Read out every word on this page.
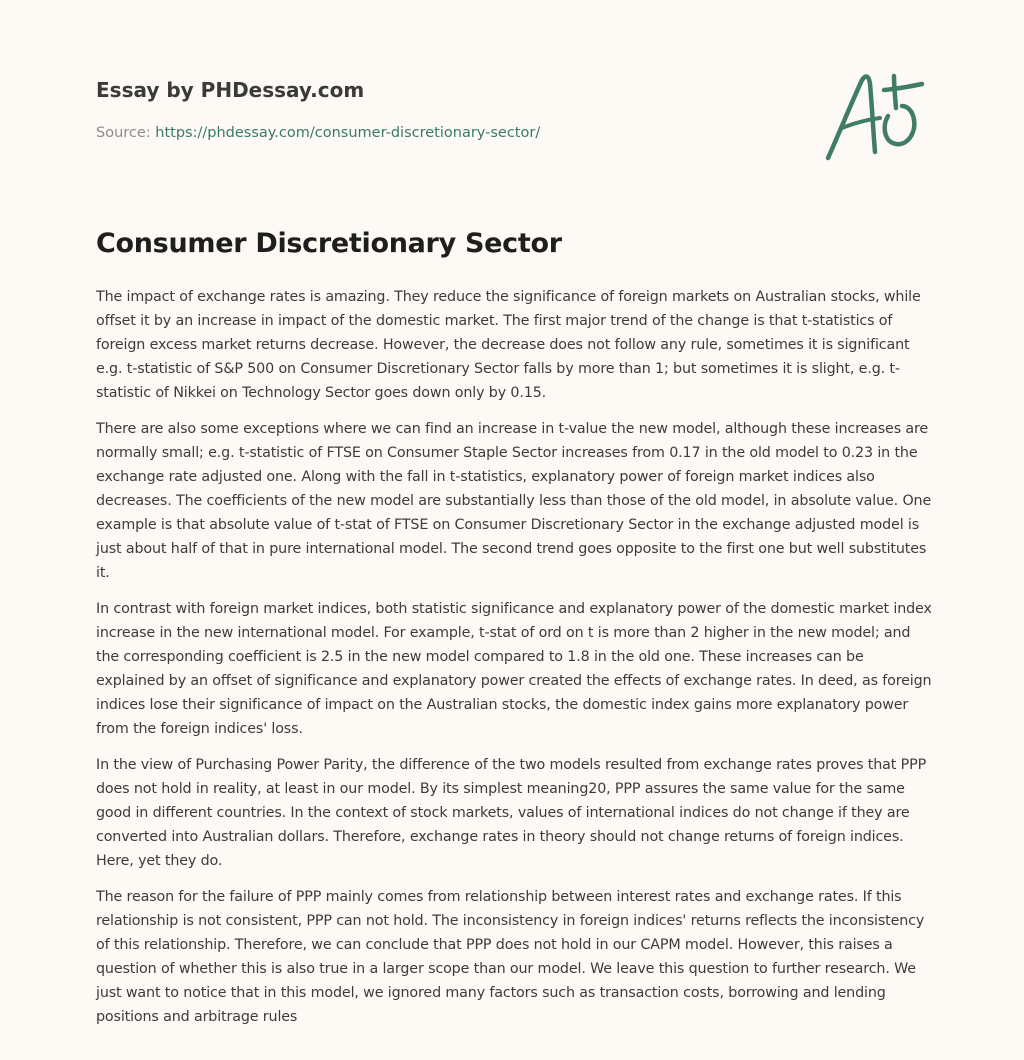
Essay by PHDessay.com
Source: https://phdessay.com/consumer-discretionary-sector/
Consumer Discretionary Sector

The impact of exchange rates is amazing. They reduce the significance of foreign markets on Australian stocks, while offset it by an increase in impact of the domestic market. The first major trend of the change is that t-statistics of foreign excess market returns decrease. However, the decrease does not follow any rule, sometimes it is significant e.g. t-statistic of S&P 500 on Consumer Discretionary Sector falls by more than 1; but sometimes it is slight, e.g. t-statistic of Nikkei on Technology Sector goes down only by 0.15.

There are also some exceptions where we can find an increase in t-value the new model, although these increases are normally small; e.g. t-statistic of FTSE on Consumer Staple Sector increases from 0.17 in the old model to 0.23 in the exchange rate adjusted one. Along with the fall in t-statistics, explanatory power of foreign market indices also decreases. The coefficients of the new model are substantially less than those of the old model, in absolute value. One example is that absolute value of t-stat of FTSE on Consumer Discretionary Sector in the exchange adjusted model is just about half of that in pure international model. The second trend goes opposite to the first one but well substitutes it.

In contrast with foreign market indices, both statistic significance and explanatory power of the domestic market index increase in the new international model. For example, t-stat of ord on t is more than 2 higher in the new model; and the corresponding coefficient is 2.5 in the new model compared to 1.8 in the old one. These increases can be explained by an offset of significance and explanatory power created the effects of exchange rates. In deed, as foreign indices lose their significance of impact on the Australian stocks, the domestic index gains more explanatory power from the foreign indices' loss.

In the view of Purchasing Power Parity, the difference of the two models resulted from exchange rates proves that PPP does not hold in reality, at least in our model. By its simplest meaning20, PPP assures the same value for the same good in different countries. In the context of stock markets, values of international indices do not change if they are converted into Australian dollars. Therefore, exchange rates in theory should not change returns of foreign indices. Here, yet they do.

The reason for the failure of PPP mainly comes from relationship between interest rates and exchange rates. If this relationship is not consistent, PPP can not hold. The inconsistency in foreign indices' returns reflects the inconsistency of this relationship. Therefore, we can conclude that PPP does not hold in our CAPM model. However, this raises a question of whether this is also true in a larger scope than our model. We leave this question to further research. We just want to notice that in this model, we ignored many factors such as transaction costs, borrowing and lending positions and arbitrage rules
